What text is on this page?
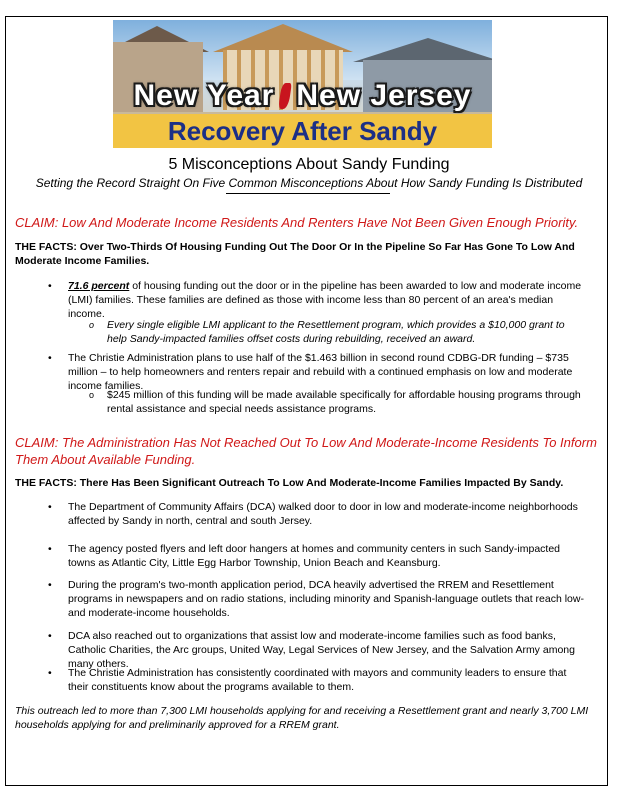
New Year New Jersey
Recovery After Sandy
5 Misconceptions About Sandy Funding
Setting the Record Straight On Five Common Misconceptions About How Sandy Funding Is Distributed
CLAIM: Low And Moderate Income Residents And Renters Have Not Been Given Enough Priority.
THE FACTS: Over Two-Thirds Of Housing Funding Out The Door Or In the Pipeline So Far Has Gone To Low And Moderate Income Families.
• 71.6 percent of housing funding out the door or in the pipeline has been awarded to low and moderate income (LMI) families. These families are defined as those with income less than 80 percent of an area's median income.
o Every single eligible LMI applicant to the Resettlement program, which provides a $10,000 grant to help Sandy-impacted families offset costs during rebuilding, received an award.
• The Christie Administration plans to use half of the $1.463 billion in second round CDBG-DR funding – $735 million – to help homeowners and renters repair and rebuild with a continued emphasis on low and moderate income families.
o $245 million of this funding will be made available specifically for affordable housing programs through rental assistance and special needs assistance programs.
CLAIM: The Administration Has Not Reached Out To Low And Moderate-Income Residents To Inform Them About Available Funding.
THE FACTS: There Has Been Significant Outreach To Low And Moderate-Income Families Impacted By Sandy.
• The Department of Community Affairs (DCA) walked door to door in low and moderate-income neighborhoods affected by Sandy in north, central and south Jersey.
• The agency posted flyers and left door hangers at homes and community centers in such Sandy-impacted towns as Atlantic City, Little Egg Harbor Township, Union Beach and Keansburg.
• During the program's two-month application period, DCA heavily advertised the RREM and Resettlement programs in newspapers and on radio stations, including minority and Spanish-language outlets that reach low- and moderate-income households.
• DCA also reached out to organizations that assist low and moderate-income families such as food banks, Catholic Charities, the Arc groups, United Way, Legal Services of New Jersey, and the Salvation Army among many others.
• The Christie Administration has consistently coordinated with mayors and community leaders to ensure that their constituents know about the programs available to them.
This outreach led to more than 7,300 LMI households applying for and receiving a Resettlement grant and nearly 3,700 LMI households applying for and preliminarily approved for a RREM grant.
